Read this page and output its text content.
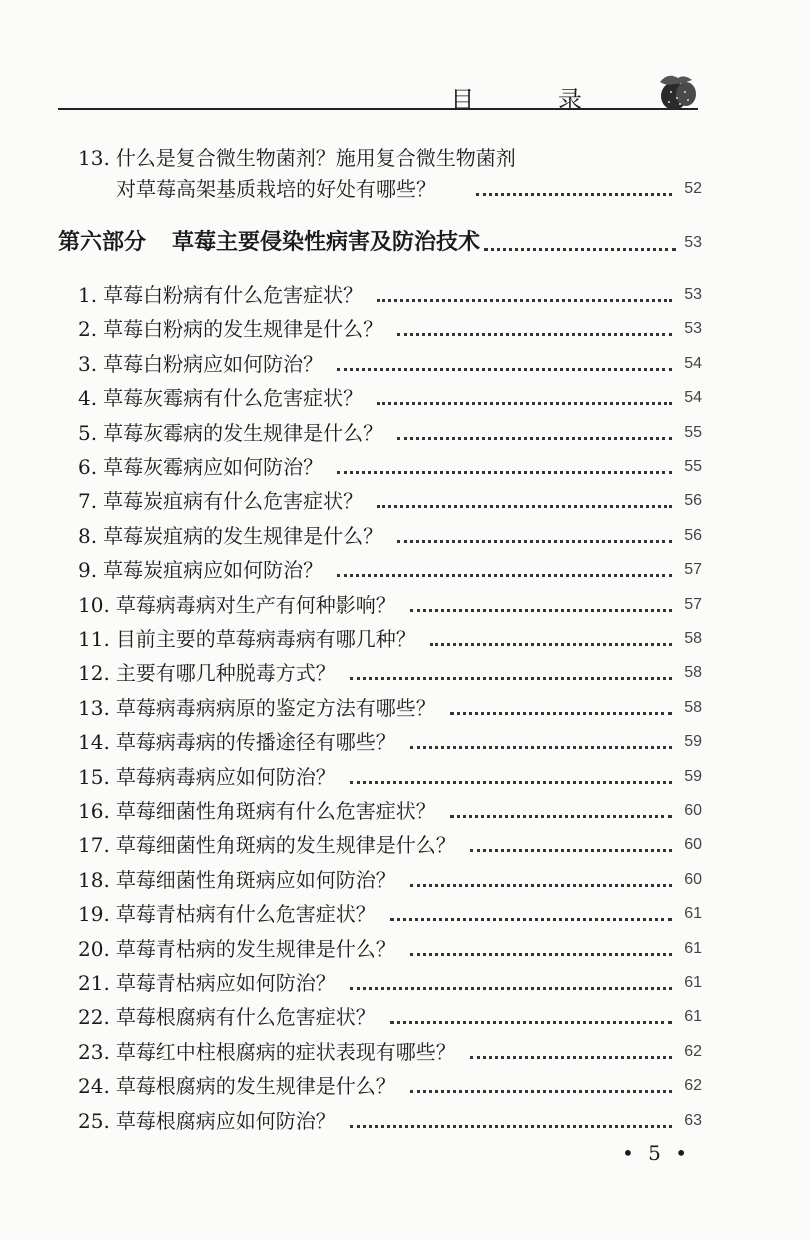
目 录
13. 什么是复合微生物菌剂？施用复合微生物菌剂
对草莓高架基质栽培的好处有哪些？	52
第六部分 草莓主要侵染性病害及防治技术	53
1. 草莓白粉病有什么危害症状？	53
2. 草莓白粉病的发生规律是什么？	53
3. 草莓白粉病应如何防治？	54
4. 草莓灰霉病有什么危害症状？	54
5. 草莓灰霉病的发生规律是什么？	55
6. 草莓灰霉病应如何防治？	55
7. 草莓炭疽病有什么危害症状？	56
8. 草莓炭疽病的发生规律是什么？	56
9. 草莓炭疽病应如何防治？	57
10. 草莓病毒病对生产有何种影响？	57
11. 目前主要的草莓病毒病有哪几种？	58
12. 主要有哪几种脱毒方式？	58
13. 草莓病毒病病原的鉴定方法有哪些？	58
14. 草莓病毒病的传播途径有哪些？	59
15. 草莓病毒病应如何防治？	59
16. 草莓细菌性角斑病有什么危害症状？	60
17. 草莓细菌性角斑病的发生规律是什么？	60
18. 草莓细菌性角斑病应如何防治？	60
19. 草莓青枯病有什么危害症状？	61
20. 草莓青枯病的发生规律是什么？	61
21. 草莓青枯病应如何防治？	61
22. 草莓根腐病有什么危害症状？	61
23. 草莓红中柱根腐病的症状表现有哪些？	62
24. 草莓根腐病的发生规律是什么？	62
25. 草莓根腐病应如何防治？	63
• 5 •
